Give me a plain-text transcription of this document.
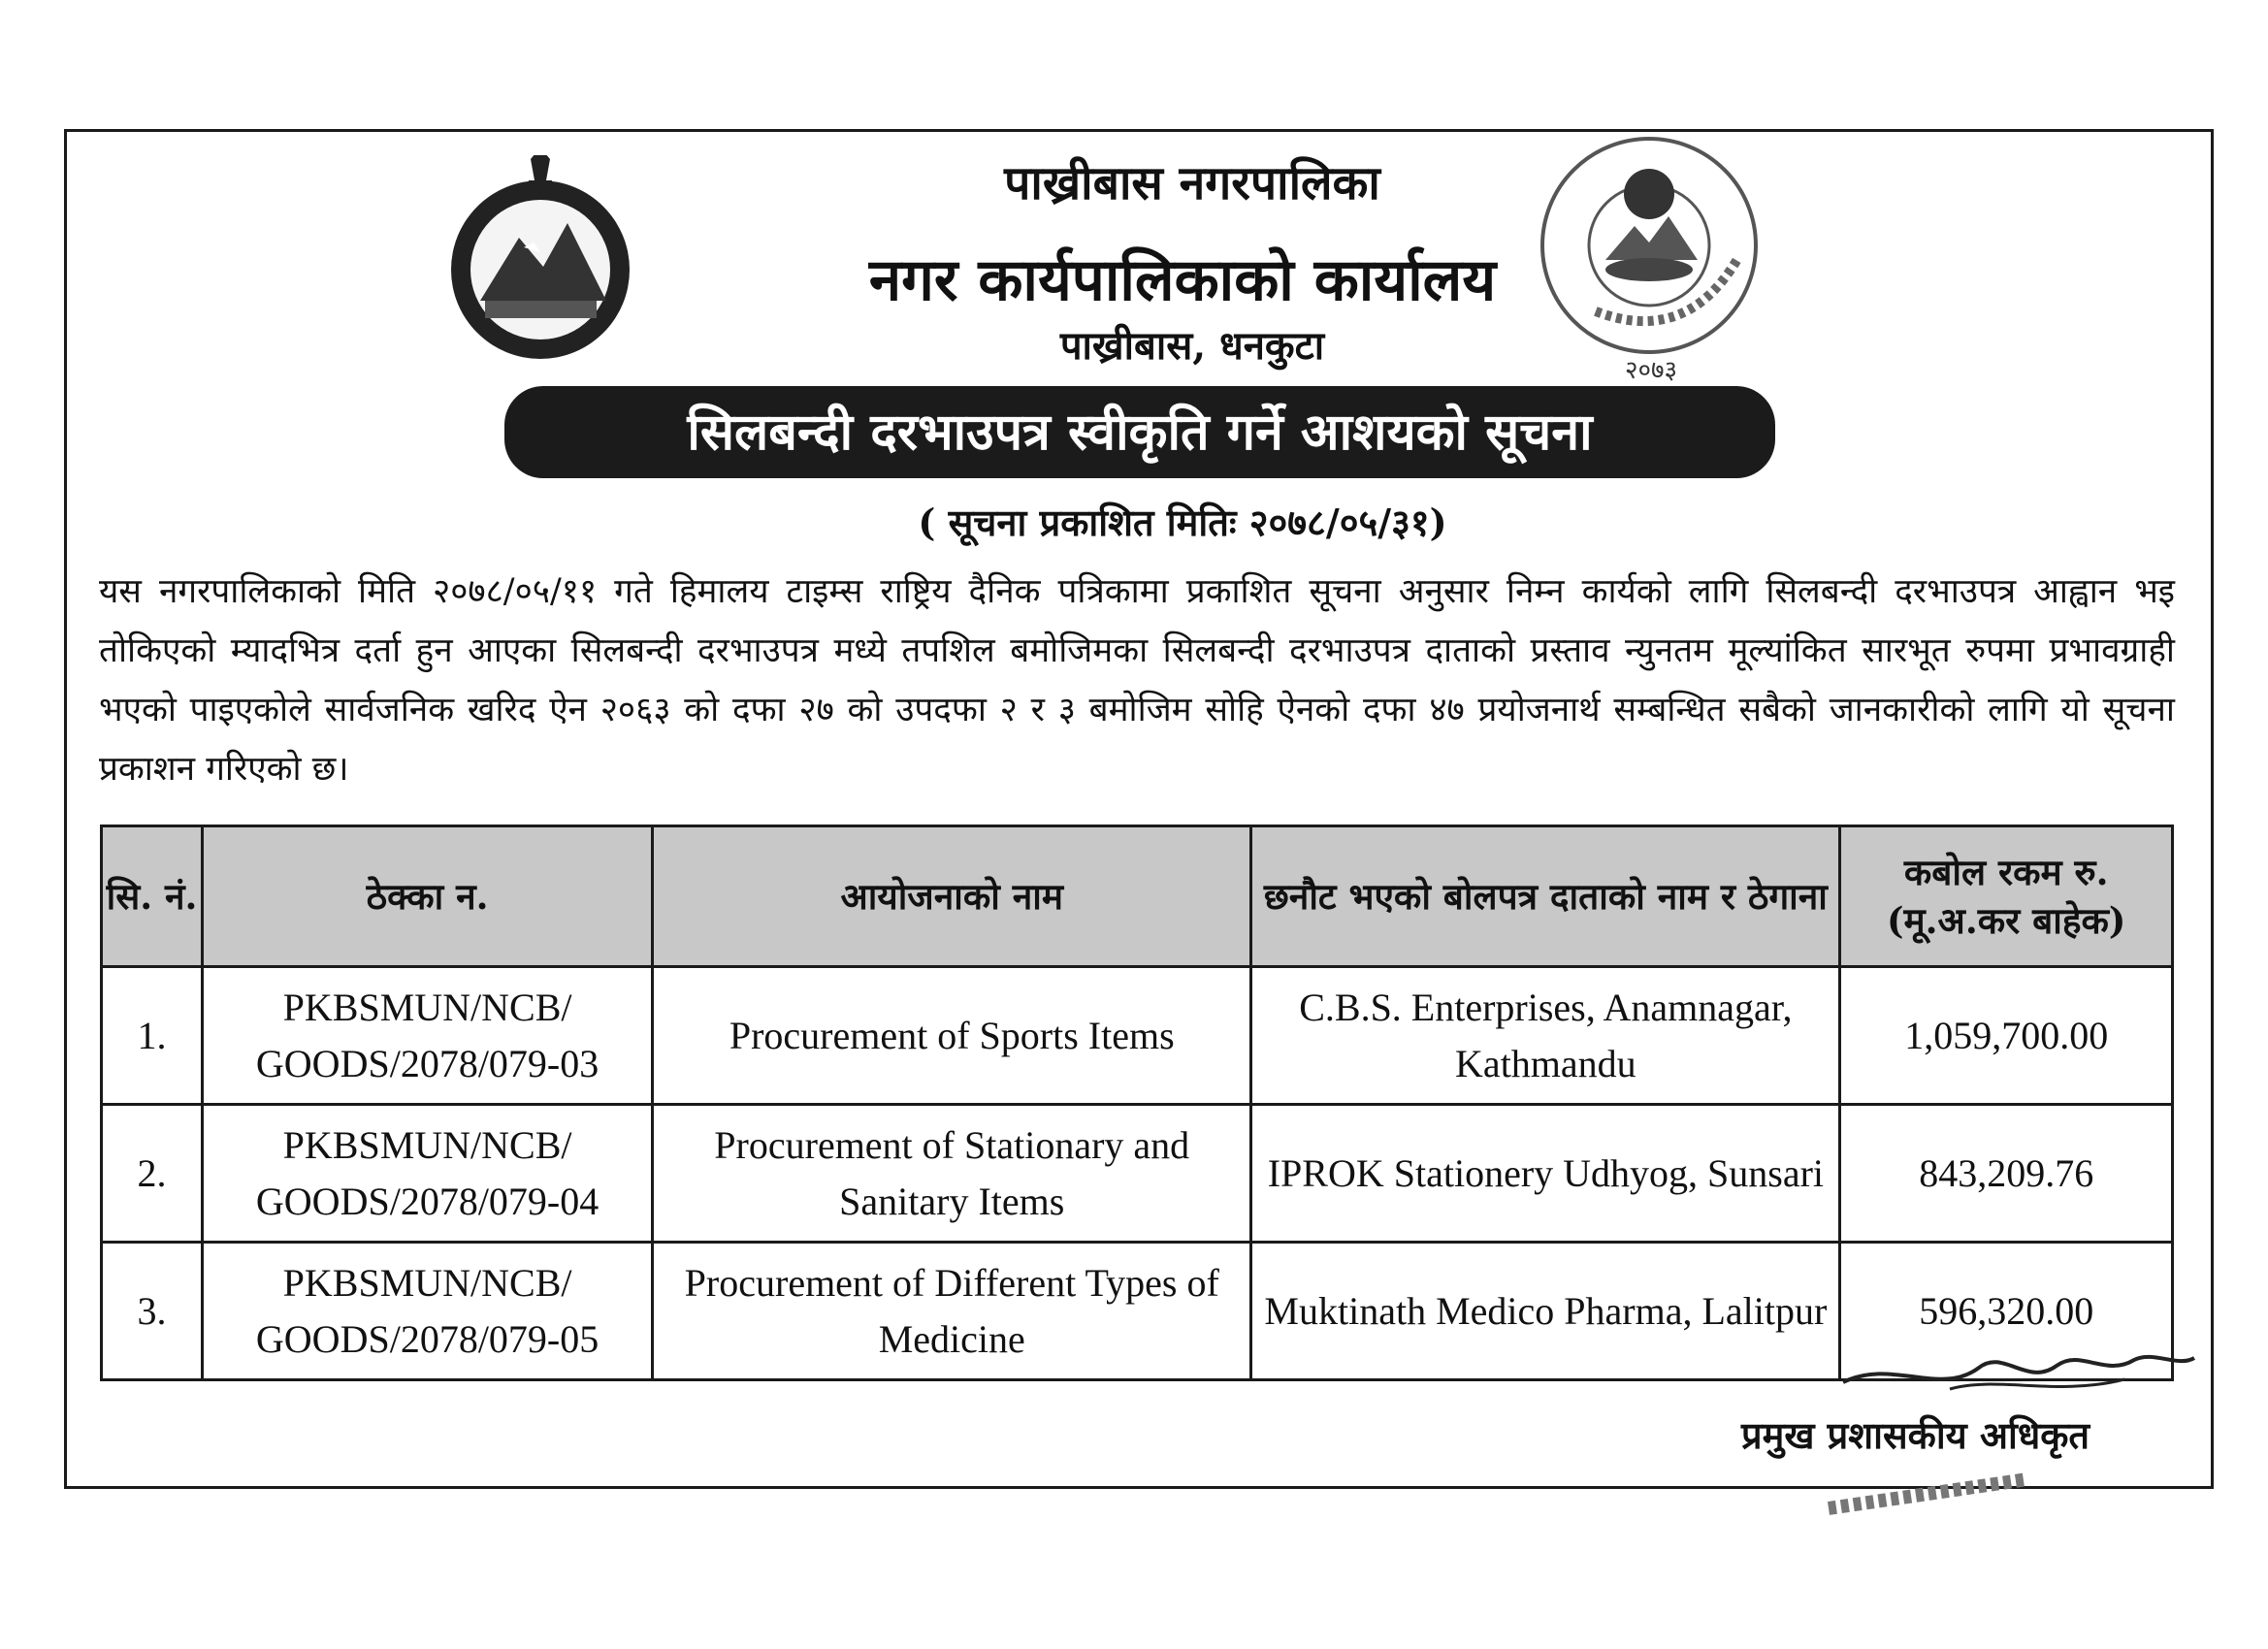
पाख्रीबास नगरपालिका
नगर कार्यपालिकाको कार्यालय
पाख्रीबास, धनकुटा
२०७३
सिलबन्दी दरभाउपत्र स्वीकृति गर्ने आशयको सूचना
( सूचना प्रकाशित मितिः २०७८/०५/३१)
यस नगरपालिकाको मिति २०७८/०५/११ गते हिमालय टाइम्स राष्ट्रिय दैनिक पत्रिकामा प्रकाशित सूचना अनुसार निम्न कार्यको लागि सिलबन्दी दरभाउपत्र आह्वान भइ तोकिएको म्यादभित्र दर्ता हुन आएका सिलबन्दी दरभाउपत्र मध्ये तपशिल बमोजिमका सिलबन्दी दरभाउपत्र दाताको प्रस्ताव न्युनतम मूल्यांकित सारभूत रुपमा प्रभावग्राही भएको पाइएकोले सार्वजनिक खरिद ऐन २०६३ को दफा २७ को उपदफा २ र ३ बमोजिम सोहि ऐनको दफा ४७ प्रयोजनार्थ सम्बन्धित सबैको जानकारीको लागि यो सूचना प्रकाशन गरिएको छ।
सि. नं.	ठेक्का न.	आयोजनाको नाम	छनौट भएको बोलपत्र दाताको नाम र ठेगाना	कबोल रकम रु. (मू.अ.कर बाहेक)
1.	PKBSMUN/NCB/ GOODS/2078/079-03	Procurement of Sports Items	C.B.S. Enterprises, Anamnagar, Kathmandu	1,059,700.00
2.	PKBSMUN/NCB/ GOODS/2078/079-04	Procurement of Stationary and Sanitary Items	IPROK Stationery Udhyog, Sunsari	843,209.76
3.	PKBSMUN/NCB/ GOODS/2078/079-05	Procurement of Different Types of Medicine	Muktinath Medico Pharma, Lalitpur	596,320.00
प्रमुख प्रशासकीय अधिकृत
